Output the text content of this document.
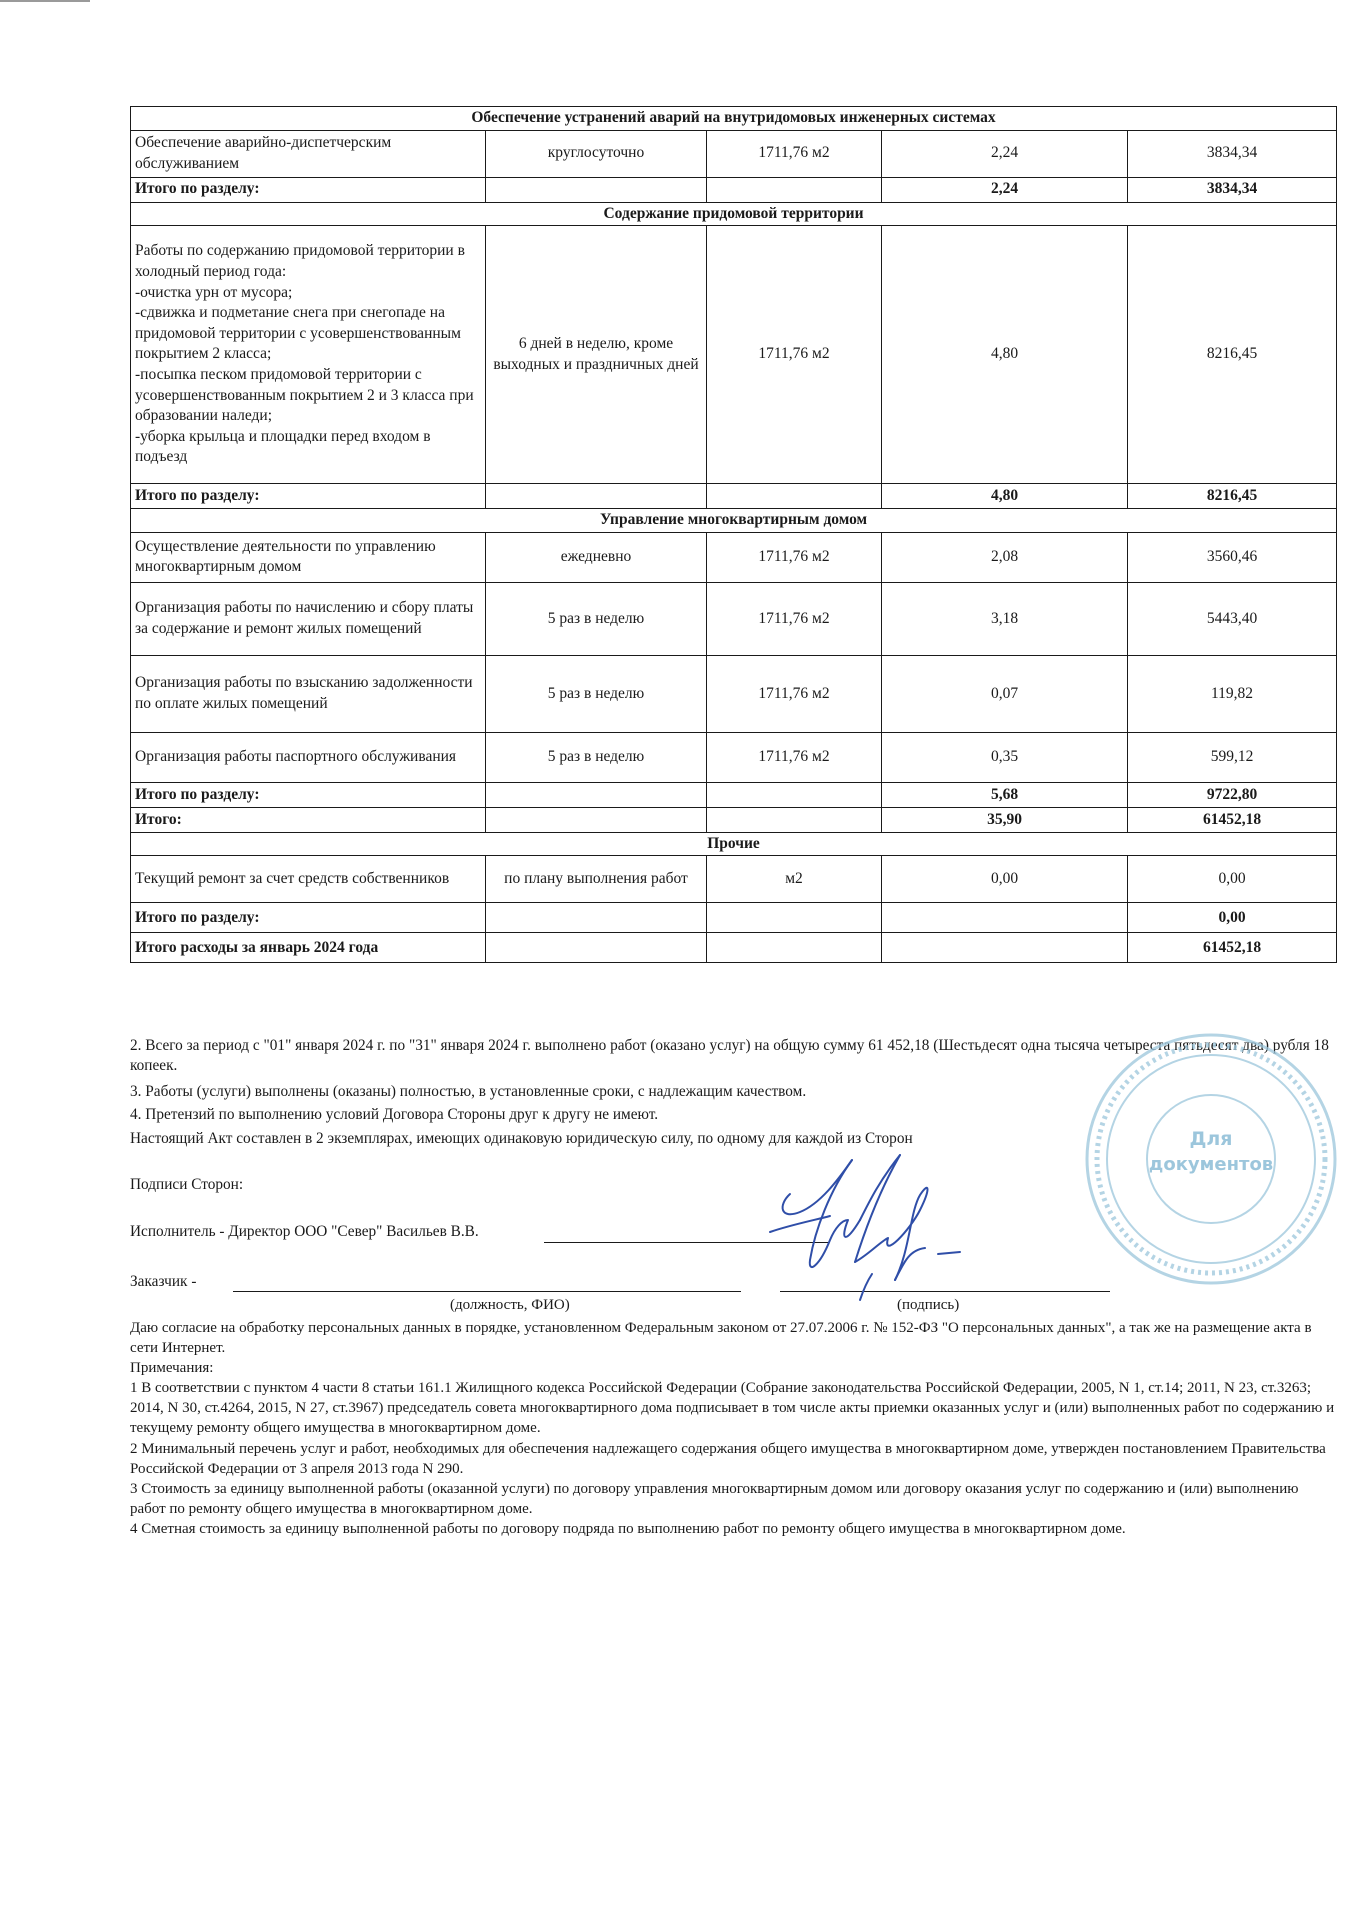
Обеспечение устранений аварий на внутридомовых инженерных системах				
Обеспечение аварийно-диспетчерским обслуживанием	круглосуточно	1711,76 м2	2,24	3834,34
Итого по разделу:			2,24	3834,34
Содержание придомовой территории				

Работы по содержанию придомовой территории в холодный период года:
-очистка урн от мусора;
-сдвижка и подметание снега при снегопаде на придомовой территории с усовершенствованным покрытием 2 класса;
-посыпка песком придомовой территории с усовершенствованным покрытием 2 и 3 класса при образовании наледи;
-уборка крыльца и площадки перед входом в подъезд	6 дней в неделю, кроме выходных и праздничных дней	1711,76 м2	4,80	8216,45
Итого по разделу:			4,80	8216,45
Управление многоквартирным домом				
Осуществление деятельности по управлению многоквартирным домом	ежедневно	1711,76 м2	2,08	3560,46
Организация работы по начислению и сбору платы за содержание и ремонт жилых помещений	5 раз в неделю	1711,76 м2	3,18	5443,40
Организация работы по взысканию задолженности по оплате жилых помещений	5 раз в неделю	1711,76 м2	0,07	119,82
Организация работы паспортного обслуживания	5 раз в неделю	1711,76 м2	0,35	599,12
Итого по разделу:			5,68	9722,80
Итого:			35,90	61452,18
Прочие				
Текущий ремонт за счет средств собственников	по плану выполнения работ	м2	0,00	0,00
Итого по разделу:				0,00
Итого расходы за январь 2024 года				61452,18

2. Всего за период с "01" января 2024 г. по "31" января 2024 г. выполнено работ (оказано услуг) на общую сумму 61 452,18 (Шестьдесят одна тысяча четыреста пятьдесят два) рубля 18 копеек.

3. Работы (услуги) выполнены (оказаны) полностью, в установленные сроки, с надлежащим качеством.

4. Претензий по выполнению условий Договора Стороны друг к другу не имеют.

Настоящий Акт составлен в 2 экземплярах, имеющих одинаковую юридическую силу, по одному для каждой из Сторон

Подписи Сторон:
Исполнитель - Директор ООО "Север" Васильев В.В.
Заказчик -
(должность, ФИО)	(подпись)
Для
документов

Даю согласие на обработку персональных данных в порядке, установленном Федеральным законом от 27.07.2006 г. № 152-ФЗ "О персональных данных", а так же на размещение акта в сети Интернет.

Примечания:

1 В соответствии с пунктом 4 части 8 статьи 161.1 Жилищного кодекса Российской Федерации (Собрание законодательства Российской Федерации, 2005, N 1, ст.14; 2011, N 23, ст.3263; 2014, N 30, ст.4264, 2015, N 27, ст.3967) председатель совета многоквартирного дома подписывает в том числе акты приемки оказанных услуг и (или) выполненных работ по содержанию и текущему ремонту общего имущества в многоквартирном доме.

2 Минимальный перечень услуг и работ, необходимых для обеспечения надлежащего содержания общего имущества в многоквартирном доме, утвержден постановлением Правительства Российской Федерации от 3 апреля 2013 года N 290.

3 Стоимость за единицу выполненной работы (оказанной услуги) по договору управления многоквартирным домом или договору оказания услуг по содержанию и (или) выполнению работ по ремонту общего имущества в многоквартирном доме.

4 Сметная стоимость за единицу выполненной работы по договору подряда по выполнению работ по ремонту общего имущества в многоквартирном доме.
